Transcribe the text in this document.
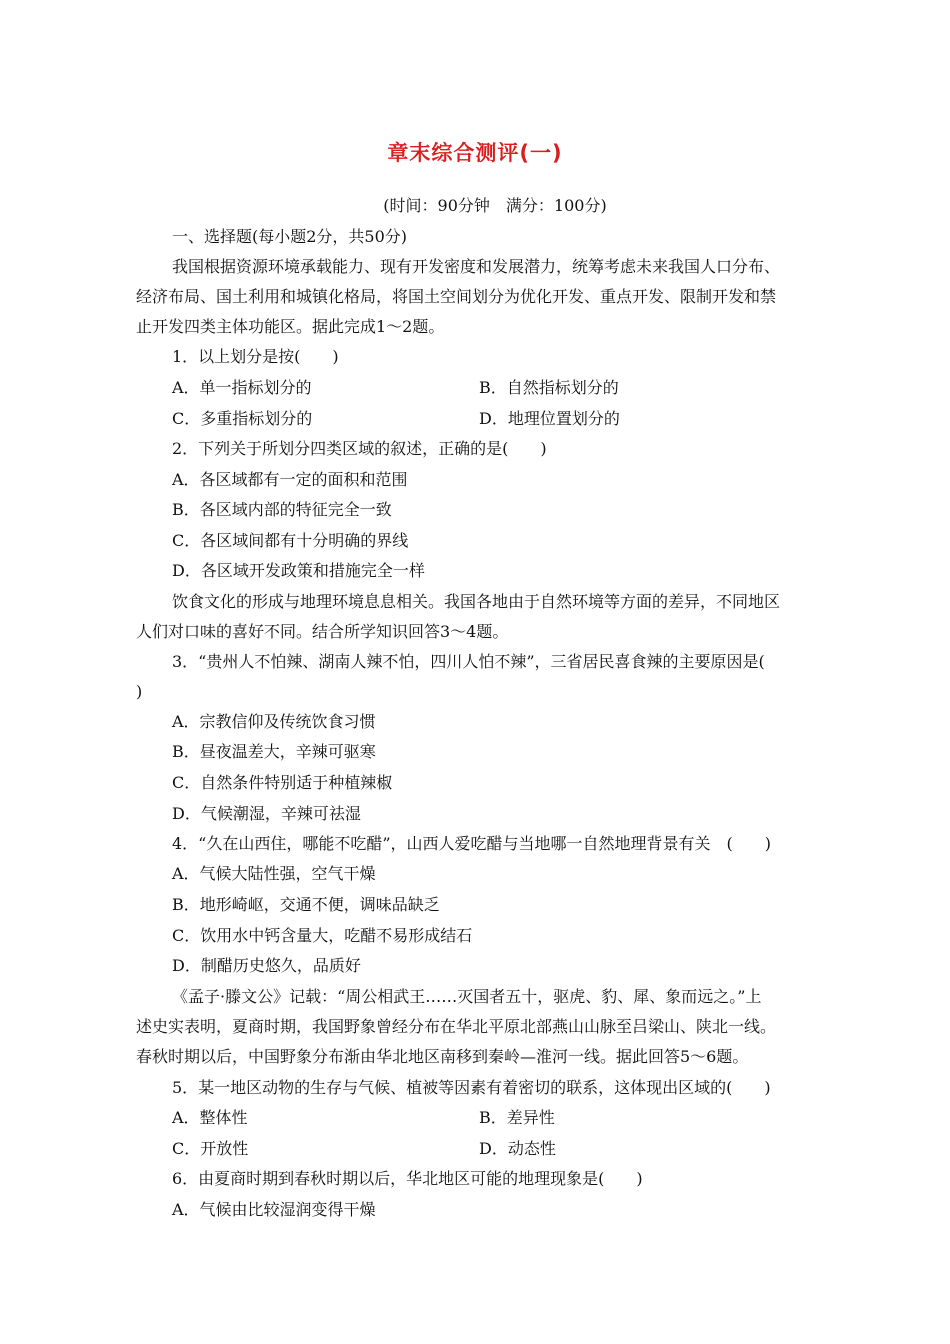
章末综合测评(一)
(时间：90分钟　满分：100分)
一、选择题(每小题2分，共50分)
我国根据资源环境承载能力、现有开发密度和发展潜力，统筹考虑未来我国人口分布、
经济布局、国土利用和城镇化格局，将国土空间划分为优化开发、重点开发、限制开发和禁
止开发四类主体功能区。据此完成1～2题。
1．以上划分是按(　　)
A．单一指标划分的	B．自然指标划分的
C．多重指标划分的	D．地理位置划分的
2．下列关于所划分四类区域的叙述，正确的是(　　)
A．各区域都有一定的面积和范围
B．各区域内部的特征完全一致
C．各区域间都有十分明确的界线
D．各区域开发政策和措施完全一样
饮食文化的形成与地理环境息息相关。我国各地由于自然环境等方面的差异，不同地区
人们对口味的喜好不同。结合所学知识回答3～4题。
3．“贵州人不怕辣、湖南人辣不怕，四川人怕不辣”，三省居民喜食辣的主要原因是(
)
A．宗教信仰及传统饮食习惯
B．昼夜温差大，辛辣可驱寒
C．自然条件特别适于种植辣椒
D．气候潮湿，辛辣可祛湿
4．“久在山西住，哪能不吃醋”，山西人爱吃醋与当地哪一自然地理背景有关　(　　)
A．气候大陆性强，空气干燥
B．地形崎岖，交通不便，调味品缺乏
C．饮用水中钙含量大，吃醋不易形成结石
D．制醋历史悠久，品质好
《孟子·滕文公》记载：“周公相武王……灭国者五十，驱虎、豹、犀、象而远之。”上
述史实表明，夏商时期，我国野象曾经分布在华北平原北部燕山山脉至吕梁山、陕北一线。
春秋时期以后，中国野象分布渐由华北地区南移到秦岭—淮河一线。据此回答5～6题。
5．某一地区动物的生存与气候、植被等因素有着密切的联系，这体现出区域的(　　)
A．整体性	B．差异性
C．开放性	D．动态性
6．由夏商时期到春秋时期以后，华北地区可能的地理现象是(　　)
A．气候由比较湿润变得干燥
